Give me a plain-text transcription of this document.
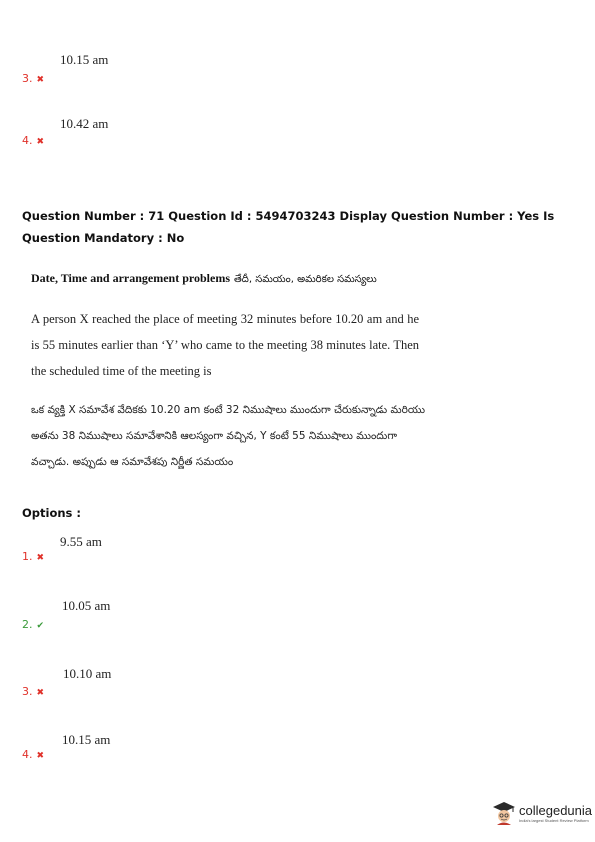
10.15 am
3. ✖
10.42 am
4. ✖
Question Number : 71 Question Id : 5494703243 Display Question Number : Yes Is Question Mandatory : No
Date, Time and arrangement problems తేదీ, సమయం, అమరికల సమస్యలు
A person X reached the place of meeting 32 minutes before 10.20 am and he is 55 minutes earlier than ‘Y’ who came to the meeting 38 minutes late. Then the scheduled time of the meeting is
ఒక వ్యక్తి X సమావేశ వేదికకు 10.20 am కంటే 32 నిముషాలు ముందుగా చేరుకున్నాడు మరియు అతను 38 నిముషాలు సమావేశానికి ఆలస్యంగా వచ్చిన, Y కంటే 55 నిముషాలు ముందుగా వచ్చాడు. అప్పుడు ఆ సమావేశపు నిర్ణీత సమయం
Options :
9.55 am
1. ✖
10.05 am
2. ✔
10.10 am
3. ✖
10.15 am
4. ✖
collegedunia
India's largest Student Review Platform
